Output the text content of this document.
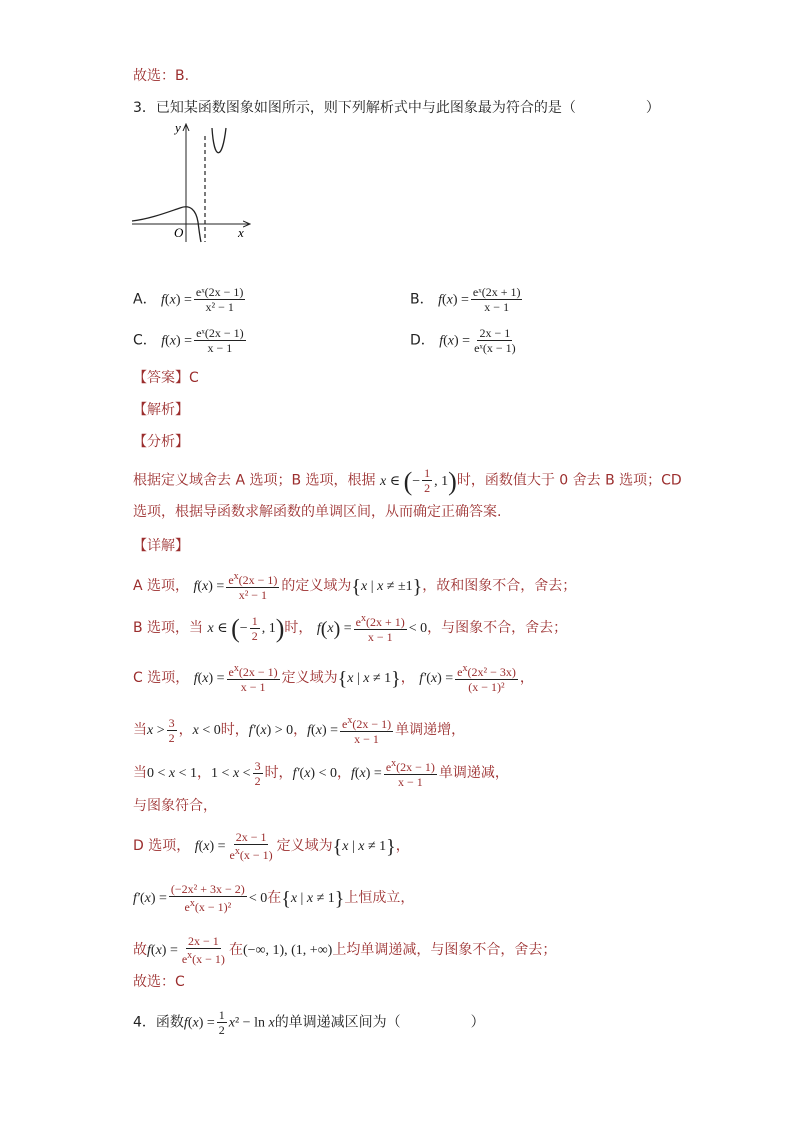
故选：B.
3．已知某函数图象如图所示，则下列解析式中与此图象最为符合的是（　　　　　）
y
x
O
A． $f(x) = \frac{\text{eˣ(2x − 1)}}{\text{x² − 1}}$	B． $f(x) = \frac{\text{eˣ(2x + 1)}}{x - 1}$
C． $f(x) = \frac{\text{eˣ(2x − 1)}}{x - 1}$	D． $f(x) = \frac{2x - 1}{\text{eˣ(x − 1)}}$
【答案】C
【解析】
【分析】
根据定义域舍去 A 选项；B 选项，根据 x ∈ (− $\frac{1}{2}$ , 1)时，函数值大于 0 舍去 B 选项；CD
选项，根据导函数求解函数的单调区间，从而确定正确答案.
【详解】
A 选项， $f(x) = \frac{e^x(2x - 1)}{\text{x² − 1}}$ 的定义域为{x | x ≠ ±1}，故和图象不合，舍去；
B 选项，当 x ∈ (− $\frac{1}{2}$ , 1)时， $f(x) = \frac{e^x(2x + 1)}{x - 1} < 0$，与图象不合，舍去；
C 选项， $f(x) = \frac{e^x(2x - 1)}{x - 1}$ 定义域为{x | x ≠ 1}， $f'(x) = \frac{e^x(2x^2 - 3x)}{\text{(x − 1)²}}$ ，
当$x > \frac{3}{2}$ ，x < 0时，f′(x) > 0，$f(x) = \frac{e^x(2x - 1)}{x - 1}$ 单调递增，
当0 < x < 1，$1 < x < \frac{3}{2}$ 时，f′(x) < 0，$f(x) = \frac{e^x(2x - 1)}{x - 1}$ 单调递减，
与图象符合，
D 选项， $f(x) = \frac{2x - 1}{e^x(x - 1)}$ 定义域为{x | x ≠ 1}，
$f'(x) = \frac{\text{(−2x² + 3x − 2)}}{e^x(x - 1)^2} < 0$在{x | x ≠ 1}上恒成立，
故$f(x) = \frac{2x - 1}{e^x(x - 1)}$ 在(−∞, 1), (1, +∞)上均单调递减，与图象不合，舍去；
故选：C
4．函数$f(x) = \frac{1}{2} x^2 - \ln x$的单调递减区间为（　　　　　）
